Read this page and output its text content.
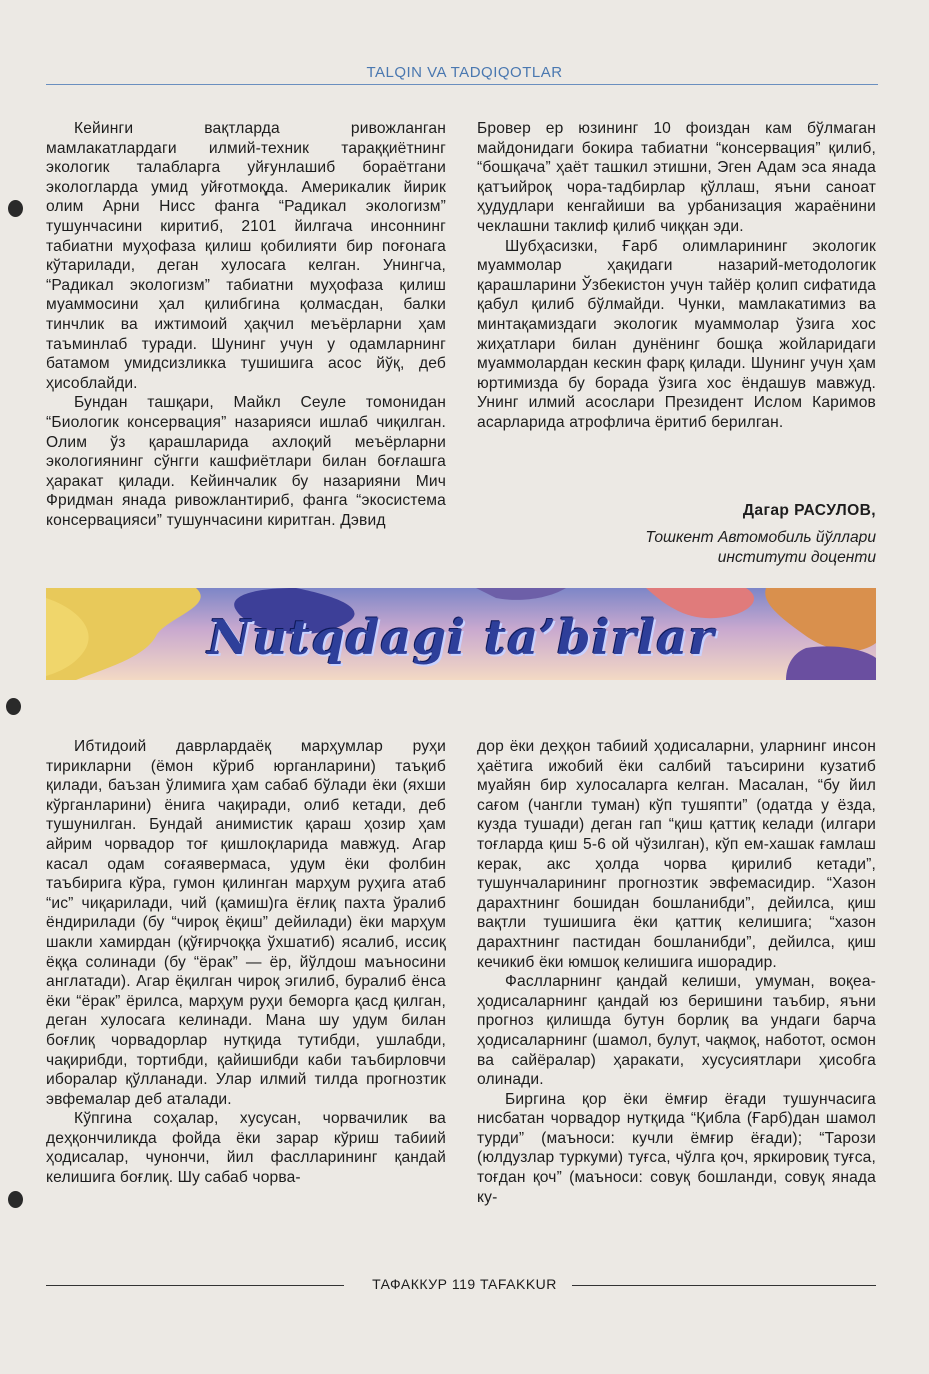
TALQIN VA TADQIQOTLAR

Кейинги вақтларда ривожланган мамлакатлардаги илмий-техник тараққиётнинг экологик талабларга уйғунлашиб бораётгани экологларда умид уйғотмоқда. Америкалик йирик олим Арни Нисс фанга “Радикал экологизм” тушунчасини киритиб, 2101 йилгача инсоннинг табиатни муҳофаза қилиш қобилияти бир поғонага кўтарилади, деган хулосага келган. Унингча, “Радикал экологизм” табиатни муҳофаза қилиш муаммосини ҳал қилибгина қолмасдан, балки тинчлик ва ижтимоий ҳақчил меъёрларни ҳам таъминлаб туради. Шунинг учун у одамларнинг батамом умидсизликка тушишига асос йўқ, деб ҳисоблайди.

Бундан ташқари, Майкл Сеуле томонидан “Биологик консервация” назарияси ишлаб чиқилган. Олим ўз қарашларида ахлоқий меъёрларни экологиянинг сўнгги кашфиётлари билан боғлашга ҳаракат қилади. Кейинчалик бу назарияни Мич Фридман янада ривожлантириб, фанга “экосистема консервацияси” тушунчасини киритган. Дэвид

Бровер ер юзининг 10 фоиздан кам бўлмаган майдонидаги бокира табиатни “консервация” қилиб, “бошқача” ҳаёт ташкил этишни, Эген Адам эса янада қатъийроқ чора-тадбирлар қўллаш, яъни саноат ҳудудлари кенгайиши ва урбанизация жараёнини чеклашни таклиф қилиб чиққан эди.

Шубҳасизки, Ғарб олимларининг экологик муаммолар ҳақидаги назарий-методологик қарашларини Ўзбекистон учун тайёр қолип сифатида қабул қилиб бўлмайди. Чунки, мамлакатимиз ва минтақамиздаги экологик муаммолар ўзига хос жиҳатлари билан дунёнинг бошқа жойларидаги муаммолардан кескин фарқ қилади. Шунинг учун ҳам юртимизда бу борада ўзига хос ёндашув мавжуд. Унинг илмий асослари Президент Ислом Каримов асарларида атрофлича ёритиб берилган.

Дагар РАСУЛОВ,
Тошкент Автомобиль йўллари
институти доценти
Nutqdagi ta’birlar

Ибтидоий даврлардаёқ марҳумлар руҳи тирикларни (ёмон кўриб юрганларини) таъқиб қилади, баъзан ўлимига ҳам сабаб бўлади ёки (яхши кўрганларини) ёнига чақиради, олиб кетади, деб тушунилган. Бундай анимистик қараш ҳозир ҳам айрим чорвадор тоғ қишлоқларида мавжуд. Агар касал одам соғаявермаса, удум ёки фолбин таъбирига кўра, гумон қилинган марҳум руҳига атаб “ис” чиқарилади, чий (қамиш)га ёғлиқ пахта ўралиб ёндирилади (бу “чироқ ёқиш” дейилади) ёки марҳум шакли хамирдан (қўғирчоққа ўхшатиб) ясалиб, иссиқ ёққа солинади (бу “ёрак” — ёр, йўлдош маъносини англатади). Агар ёқилган чироқ эгилиб, буралиб ёнса ёки “ёрак” ёрилса, марҳум руҳи беморга қасд қилган, деган хулосага келинади. Мана шу удум билан боғлиқ чорвадорлар нутқида тутибди, ушлабди, чақирибди, тортибди, қайишибди каби таъбирловчи иборалар қўлланади. Улар илмий тилда прогнозтик эвфемалар деб аталади.

Кўпгина соҳалар, хусусан, чорвачилик ва деҳқончиликда фойда ёки зарар кўриш табиий ҳодисалар, чунончи, йил фаслларининг қандай келишига боғлиқ. Шу сабаб чорва-

дор ёки деҳқон табиий ҳодисаларни, уларнинг инсон ҳаётига ижобий ёки салбий таъсирини кузатиб муайян бир хулосаларга келган. Масалан, “бу йил сағом (чангли туман) кўп тушяпти” (одатда у ёзда, кузда тушади) деган гап “қиш қаттиқ келади (илгари тоғларда қиш 5-6 ой чўзилган), кўп ем-хашак ғамлаш керак, акс ҳолда чорва қирилиб кетади”, тушунчаларининг прогнозтик эвфемасидир. “Хазон дарахтнинг бошидан бошланибди”, дейилса, қиш вақтли тушишига ёки қаттиқ келишига; “хазон дарахтнинг пастидан бошланибди”, дейилса, қиш кечикиб ёки юмшоқ келишига ишорадир.

Фаслларнинг қандай келиши, умуман, воқеа-ҳодисаларнинг қандай юз беришини таъбир, яъни прогноз қилишда бутун борлиқ ва ундаги барча ҳодисаларнинг (шамол, булут, чақмоқ, наботот, осмон ва сайёралар) ҳаракати, хусусиятлари ҳисобга олинади.

Биргина қор ёки ёмғир ёғади тушунчасига нисбатан чорвадор нутқида “Қибла (Ғарб)дан шамол турди” (маъноси: кучли ёмғир ёғади); “Тарози (юлдузлар туркуми) туғса, чўлга қоч, яркировиқ туғса, тоғдан қоч” (маъноси: совуқ бошланди, совуқ янада ку-

ТАФАККУР 119 TAFAKKUR
